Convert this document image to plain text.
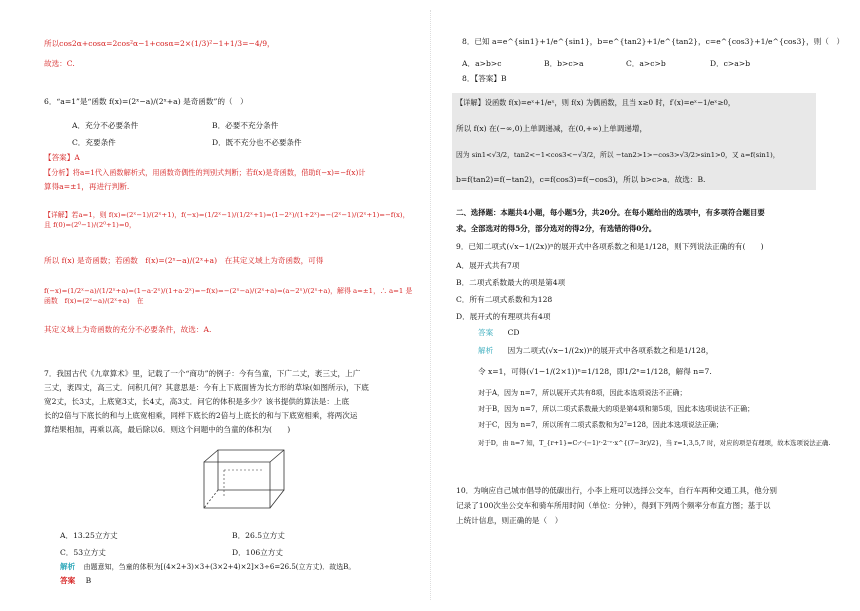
所以cos2α+cosα=2cos²α−1+cosα=2×(1/3)²−1+1/3=−4/9，
故选：C.
6．“a=1”是“函数 f(x)=(2ˣ−a)/(2ˣ+a) 是奇函数”的（　）
A．充分不必要条件	B．必要不充分条件
C．充要条件	D．既不充分也不必要条件
【答案】A
【分析】将a=1代入函数解析式，用函数奇偶性的判别式判断；若f(x)是奇函数，借助f(−x)=−f(x)计
算得a=±1，再进行判断.
【详解】若a=1，则 f(x)=(2ˣ−1)/(2ˣ+1)，f(−x)=(1/2ˣ−1)/(1/2ˣ+1)=(1−2ˣ)/(1+2ˣ)=−(2ˣ−1)/(2ˣ+1)=−f(x)，且 f(0)=(2⁰−1)/(2⁰+1)=0，
所以 f(x) 是奇函数；若函数　f(x)=(2ˣ−a)/(2ˣ+a)　在其定义域上为奇函数，可得
f(−x)=(1/2ˣ−a)/(1/2ˣ+a)=(1−a·2ˣ)/(1+a·2ˣ)=−f(x)=−(2ˣ−a)/(2ˣ+a)=(a−2ˣ)/(2ˣ+a)，解得 a=±1，∴ a=1 是函数　f(x)=(2ˣ−a)/(2ˣ+a)　在
其定义域上为奇函数的充分不必要条件，故选：A.
7．我国古代《九章算术》里，记载了一个“商功”的例子：今有刍童，下广二丈，袤三丈，上广
三丈，袤四丈，高三丈．问积几何？其意思是：今有上下底面皆为长方形的草垛(如图所示)，下底
宽2丈，长3丈，上底宽3丈，长4丈，高3丈．问它的体积是多少？该书提供的算法是：上底
长的2倍与下底长的和与上底宽相乘，同样下底长的2倍与上底长的和与下底宽相乘，将两次运
算结果相加，再乘以高，最后除以6．则这个问题中的刍童的体积为(　　)
A．13.25立方丈	B．26.5立方丈
C．53立方丈	D．106立方丈
解析 由题意知，刍童的体积为[(4×2+3)×3+(3×2+4)×2]×3÷6=26.5(立方丈)．故选B。
答案 B
8．已知 a=e^{sin1}+1/e^{sin1}，b=e^{tan2}+1/e^{tan2}，c=e^{cos3}+1/e^{cos3}，则（　）
A．a>b>c	B．b>c>a	C．a>c>b	D．c>a>b
8．【答案】B
【详解】设函数 f(x)=eˣ+1/eˣ，则 f(x) 为偶函数，且当 x≥0 时，f′(x)=eˣ−1/eˣ≥0，
所以 f(x) 在(−∞,0)上单调递减，在(0,+∞)上单调递增，
因为 sin1<√3/2，tan2<−1<cos3<−√3/2，所以 −tan2>1>−cos3>√3/2>sin1>0，又 a=f(sin1)，
b=f(tan2)=f(−tan2)，c=f(cos3)=f(−cos3)，所以 b>c>a．故选：B.
二、选择题：本题共4小题，每小题5分，共20分。在每小题给出的选项中，有多项符合题目要
求。全部选对的得5分，部分选对的得2分，有选错的得0分。
9．已知二项式(√x−1/(2x))ⁿ的展开式中各项系数之和是1/128，则下列说法正确的有(　　)
A．展开式共有7项
B．二项式系数最大的项是第4项
C．所有二项式系数和为128
D．展开式的有理项共有4项
答案 CD
解析 因为二项式(√x−1/(2x))ⁿ的展开式中各项系数之和是1/128，
令 x=1，可得(√1−1/(2×1))ⁿ=1/128，即1/2ⁿ=1/128，解得 n=7.
对于A，因为 n=7，所以展开式共有8项，因此本选项说法不正确；
对于B，因为 n=7，所以二项式系数最大的项是第4项和第5项，因此本选项说法不正确；
对于C，因为 n=7，所以所有二项式系数和为2⁷=128，因此本选项说法正确；
对于D，由 n=7 知，T_{r+1}=C₇ʳ·(−1)ʳ·2⁻ʳ·x^{(7−3r)/2}，当 r=1,3,5,7 时，对应的项是有理项，故本选项说法正确.
10．为响应自己城市倡导的低碳出行，小李上班可以选择公交车，自行车两种交通工具，他分别
记录了100次坐公交车和骑车所用时间（单位：分钟），得到下列两个频率分布直方图；基于以
上统计信息，则正确的是（　）
